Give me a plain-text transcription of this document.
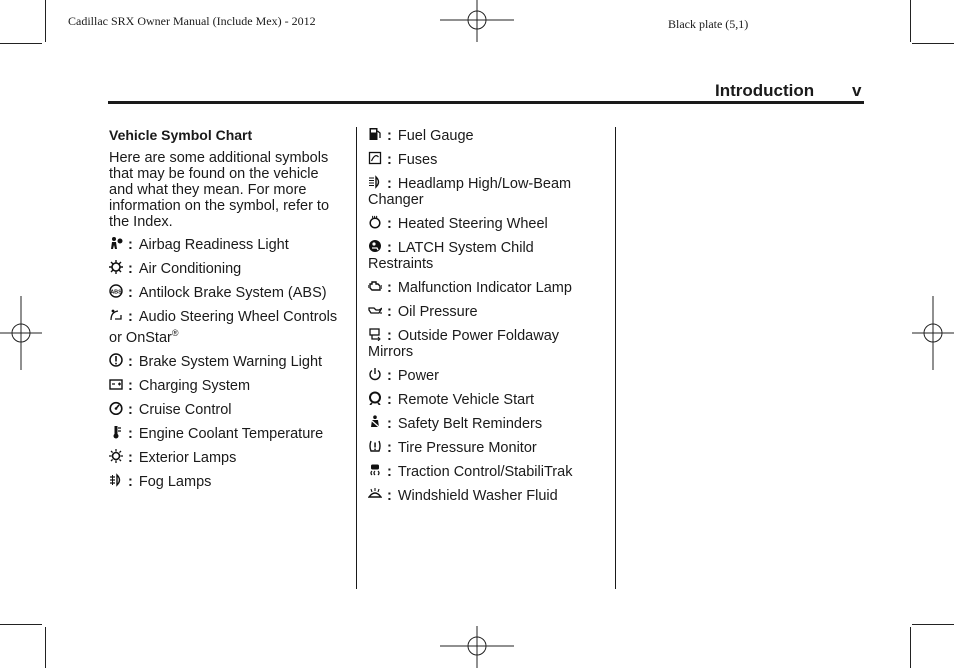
Cadillac SRX Owner Manual (Include Mex) - 2012	Black plate (5,1)
Introduction v
Vehicle Symbol Chart
Here are some additional symbols that may be found on the vehicle and what they mean. For more information on the symbol, refer to the Index.
: Airbag Readiness Light
: Air Conditioning
ABS : Antilock Brake System (ABS)
: Audio Steering Wheel Controls or OnStar®
: Brake System Warning Light
: Charging System
: Cruise Control
: Engine Coolant Temperature
: Exterior Lamps
: Fog Lamps
: Fuel Gauge
: Fuses
: Headlamp High/Low-Beam Changer
: Heated Steering Wheel
: LATCH System Child Restraints
: Malfunction Indicator Lamp
: Oil Pressure
: Outside Power Foldaway Mirrors
: Power
: Remote Vehicle Start
: Safety Belt Reminders
: Tire Pressure Monitor
: Traction Control/StabiliTrak
: Windshield Washer Fluid
